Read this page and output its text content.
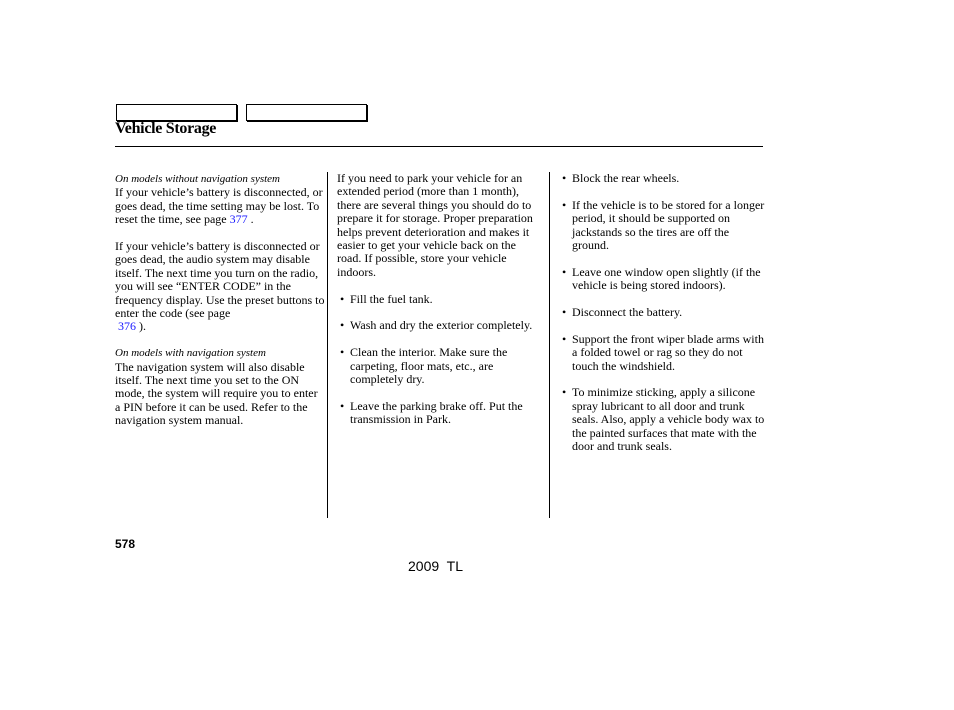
Vehicle Storage
On models without navigation system

If your vehicle’s battery is disconnected, or goes dead, the time setting may be lost. To reset the time, see page 377 .

If your vehicle’s battery is disconnected or goes dead, the audio system may disable itself. The next time you turn on the radio, you will see “ENTER CODE” in the frequency display. Use the preset buttons to enter the code (see page
376 ).

On models with navigation system

The navigation system will also disable itself. The next time you set to the ON mode, the system will require you to enter a PIN before it can be used. Refer to the navigation system manual.

If you need to park your vehicle for an extended period (more than 1 month), there are several things you should do to prepare it for storage. Proper preparation helps prevent deterioration and makes it easier to get your vehicle back on the road. If possible, store your vehicle indoors.

• Fill the fuel tank.
• Wash and dry the exterior completely.
• Clean the interior. Make sure the carpeting, floor mats, etc., are completely dry.
• Leave the parking brake off. Put the transmission in Park.
• Block the rear wheels.
• If the vehicle is to be stored for a longer period, it should be supported on jackstands so the tires are off the ground.
• Leave one window open slightly (if the vehicle is being stored indoors).
• Disconnect the battery.
• Support the front wiper blade arms with a folded towel or rag so they do not touch the windshield.
• To minimize sticking, apply a silicone spray lubricant to all door and trunk seals. Also, apply a vehicle body wax to the painted surfaces that mate with the door and trunk seals.
578
2009  TL
